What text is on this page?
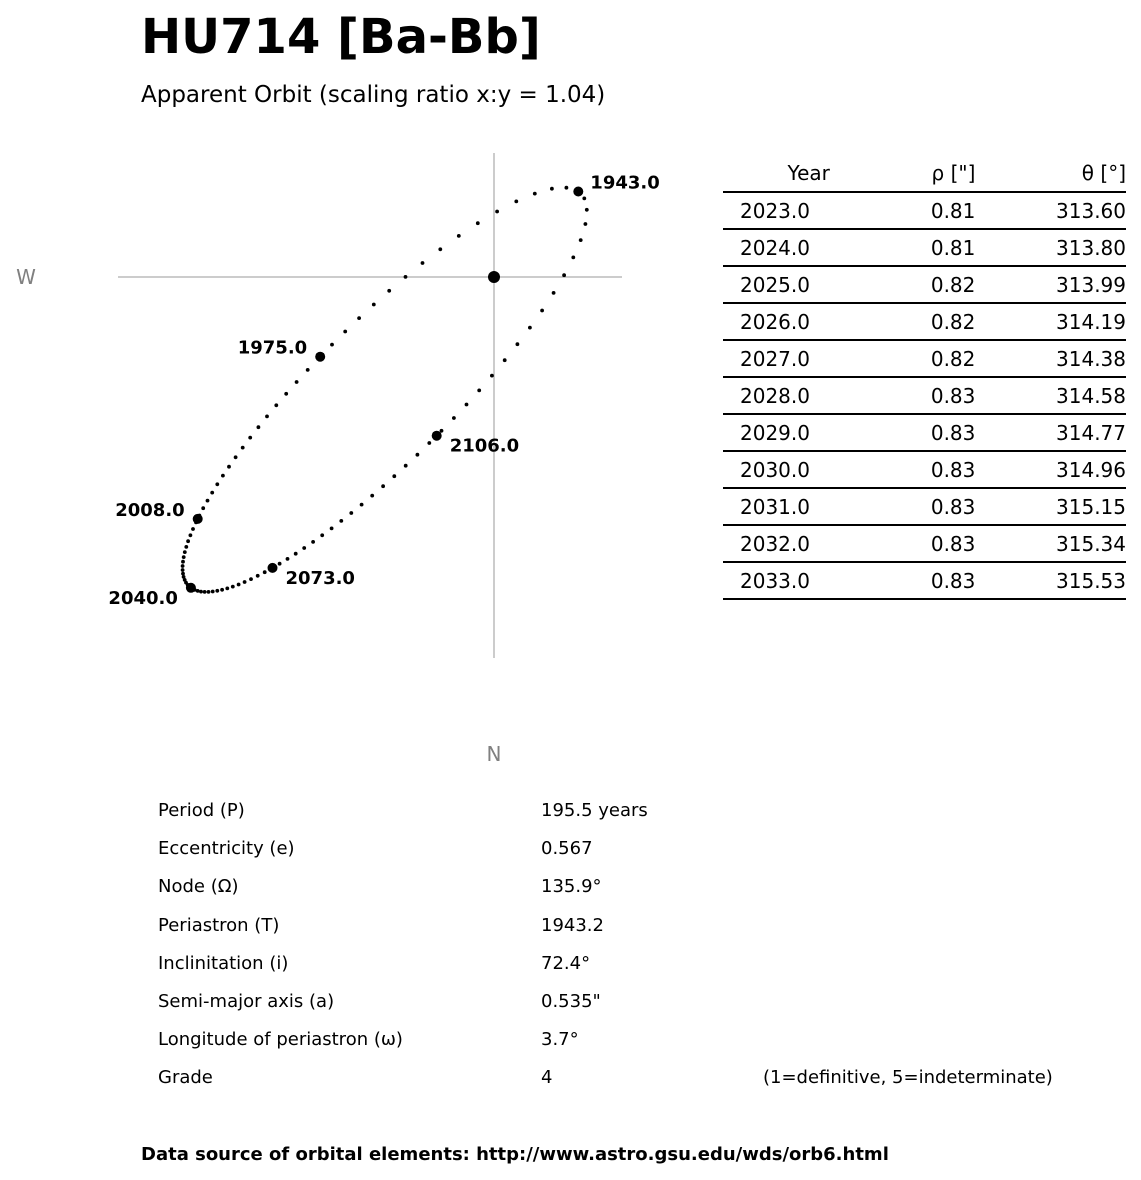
HU714 [Ba-Bb]
Apparent Orbit (scaling ratio x:y = 1.04)
W
N
1943.0
1975.0
2008.0
2040.0
2073.0
2106.0
Year	ρ ["]	θ [°]
2023.0	0.81	313.60
2024.0	0.81	313.80
2025.0	0.82	313.99
2026.0	0.82	314.19
2027.0	0.82	314.38
2028.0	0.83	314.58
2029.0	0.83	314.77
2030.0	0.83	314.96
2031.0	0.83	315.15
2032.0	0.83	315.34
2033.0	0.83	315.53
Period (P)	195.5 years
Eccentricity (e)	0.567
Node (Ω)	135.9°
Periastron (T)	1943.2
Inclinitation (i)	72.4°
Semi-major axis (a)	0.535"
Longitude of periastron (ω)	3.7°
Grade	4	(1=definitive, 5=indeterminate)
Data source of orbital elements: http://www.astro.gsu.edu/wds/orb6.html
